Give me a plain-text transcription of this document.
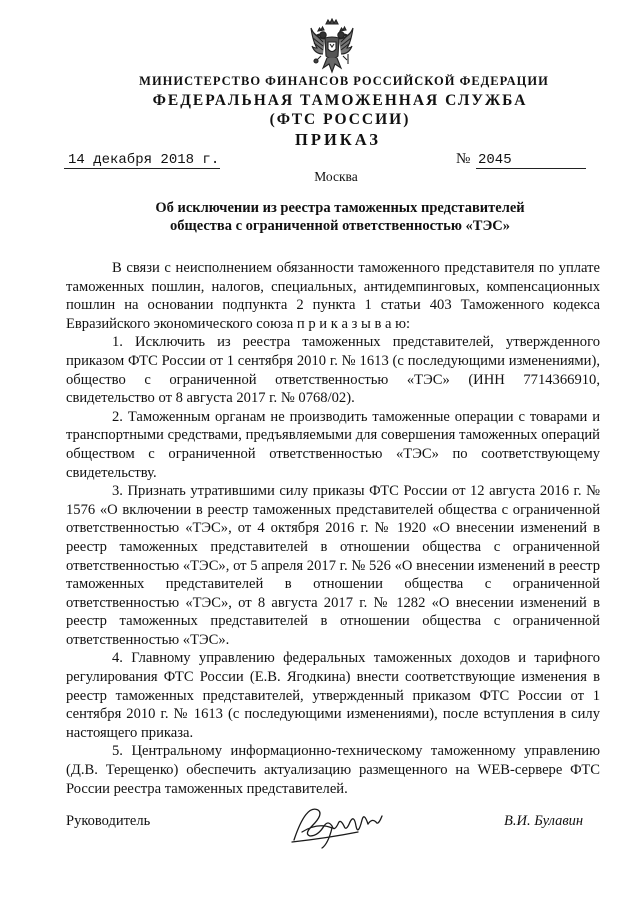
МИНИСТЕРСТВО ФИНАНСОВ РОССИЙСКОЙ ФЕДЕРАЦИИ
ФЕДЕРАЛЬНАЯ ТАМОЖЕННАЯ СЛУЖБА
(ФТС РОССИИ)
ПРИКАЗ
14 декабря 2018 г.	№ 2045
Москва
Об исключении из реестра таможенных представителей
общества с ограниченной ответственностью «ТЭС»

В связи с неисполнением обязанности таможенного представителя по уплате таможенных пошлин, налогов, специальных, антидемпинговых, компенсационных пошлин на основании подпункта 2 пункта 1 статьи 403 Таможенного кодекса Евразийского экономического союза п р и к а з ы в а ю:

1. Исключить из реестра таможенных представителей, утвержденного приказом ФТС России от 1 сентября 2010 г. № 1613 (с последующими изменениями), общество с ограниченной ответственностью «ТЭС» (ИНН 7714366910, свидетельство от 8 августа 2017 г. № 0768/02).

2. Таможенным органам не производить таможенные операции с товарами и транспортными средствами, предъявляемыми для совершения таможенных операций обществом с ограниченной ответственностью «ТЭС» по соответствующему свидетельству.

3. Признать утратившими силу приказы ФТС России от 12 августа 2016 г. № 1576 «О включении в реестр таможенных представителей общества с ограниченной ответственностью «ТЭС», от 4 октября 2016 г. № 1920 «О внесении изменений в реестр таможенных представителей в отношении общества с ограниченной ответственностью «ТЭС», от 5 апреля 2017 г. № 526 «О внесении изменений в реестр таможенных представителей в отношении общества с ограниченной ответственностью «ТЭС», от 8 августа 2017 г. № 1282 «О внесении изменений в реестр таможенных представителей в отношении общества с ограниченной ответственностью «ТЭС».

4. Главному управлению федеральных таможенных доходов и тарифного регулирования ФТС России (Е.В. Ягодкина) внести соответствующие изменения в реестр таможенных представителей, утвержденный приказом ФТС России от 1 сентября 2010 г. № 1613 (с последующими изменениями), после вступления в силу настоящего приказа.

5. Центральному информационно-техническому таможенному управлению (Д.В. Терещенко) обеспечить актуализацию размещенного на WEB-сервере ФТС России реестра таможенных представителей.

Руководитель	В.И. Булавин
